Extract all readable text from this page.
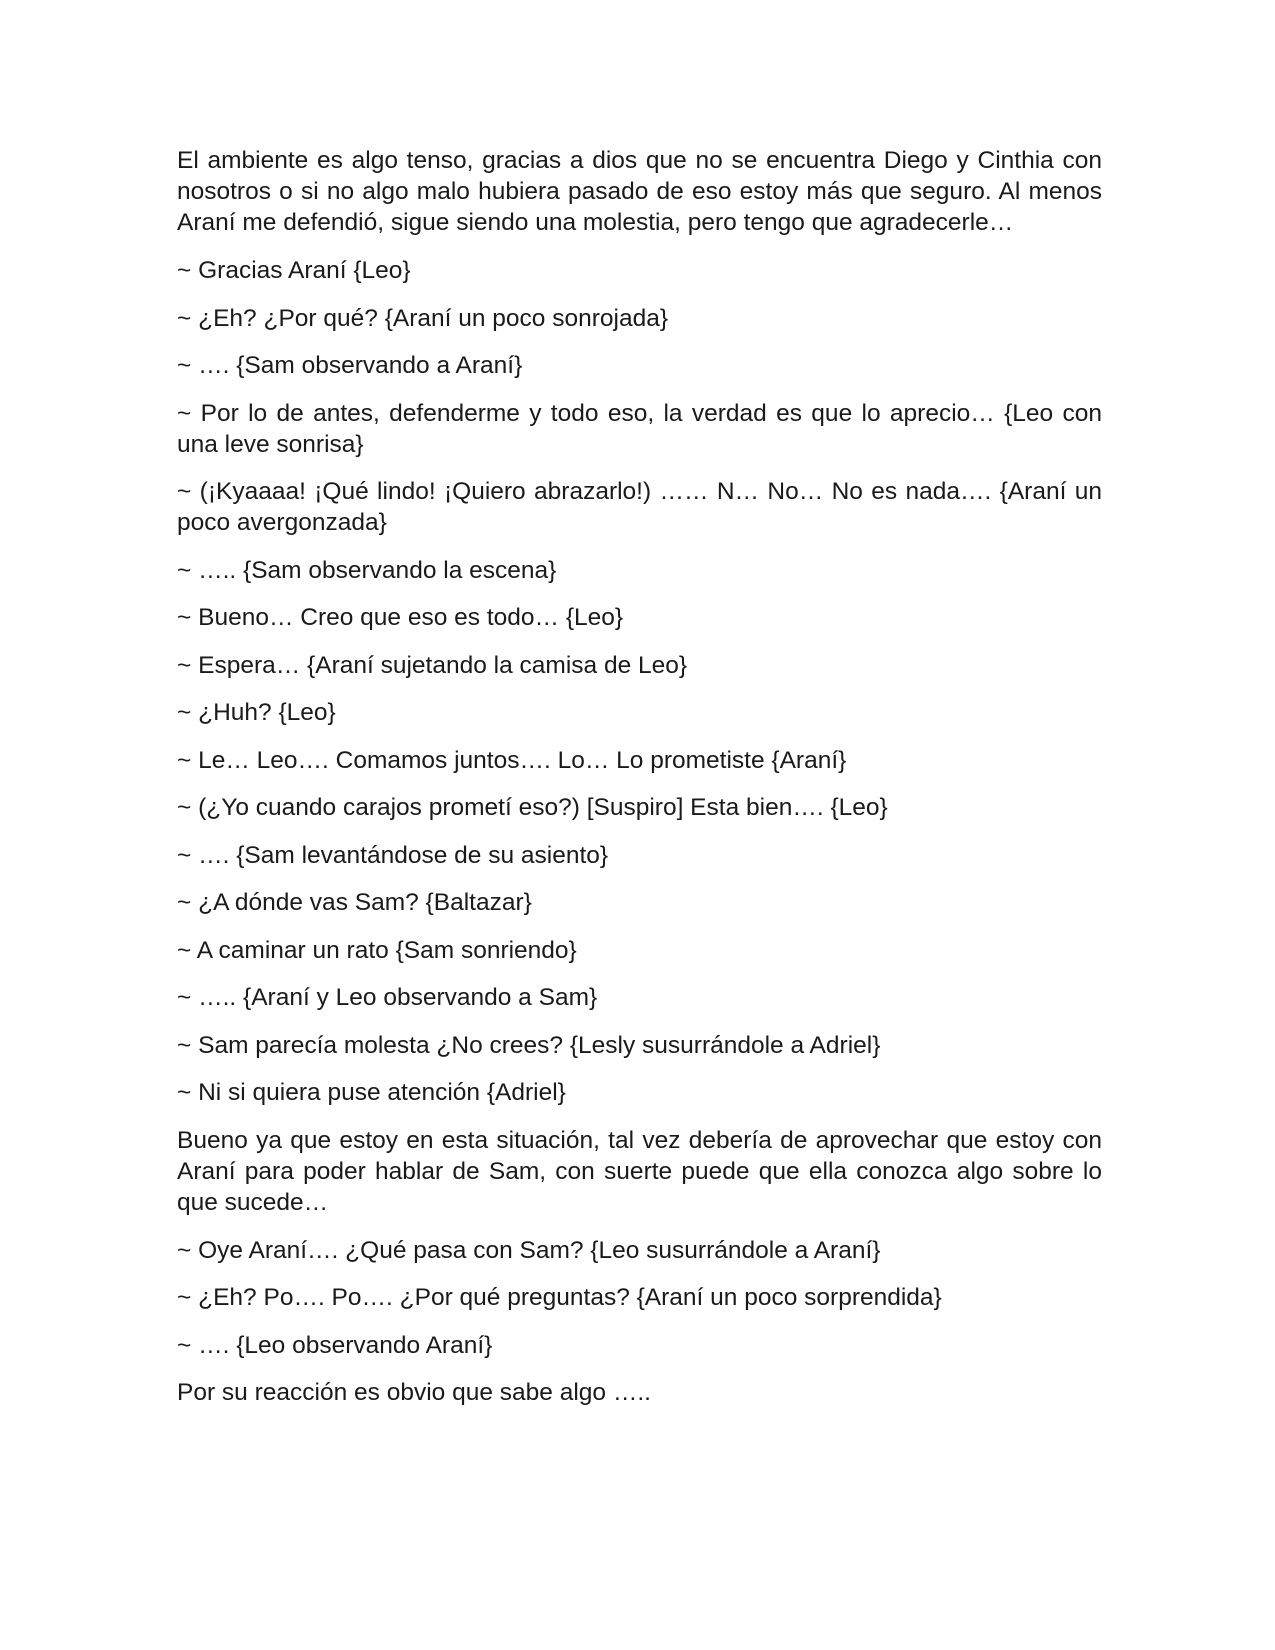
El ambiente es algo tenso, gracias a dios que no se encuentra Diego y Cinthia con nosotros o si no algo malo hubiera pasado de eso estoy más que seguro. Al menos Araní me defendió, sigue siendo una molestia, pero tengo que agradecerle…

~ Gracias Araní {Leo}
~ ¿Eh? ¿Por qué? {Araní un poco sonrojada}
~ …. {Sam observando a Araní}
~ Por lo de antes, defenderme y todo eso, la verdad es que lo aprecio… {Leo con una leve sonrisa}
~ (¡Kyaaaa! ¡Qué lindo! ¡Quiero abrazarlo!) …… N… No… No es nada…. {Araní un poco avergonzada}
~ ….. {Sam observando la escena}
~ Bueno… Creo que eso es todo… {Leo}
~ Espera… {Araní sujetando la camisa de Leo}
~ ¿Huh? {Leo}
~ Le… Leo…. Comamos juntos…. Lo… Lo prometiste {Araní}
~ (¿Yo cuando carajos prometí eso?) [Suspiro] Esta bien…. {Leo}
~ …. {Sam levantándose de su asiento}
~ ¿A dónde vas Sam? {Baltazar}
~ A caminar un rato {Sam sonriendo}
~ ….. {Araní y Leo observando a Sam}
~ Sam parecía molesta ¿No crees? {Lesly susurrándole a Adriel}
~ Ni si quiera puse atención {Adriel}

Bueno ya que estoy en esta situación, tal vez debería de aprovechar que estoy con Araní para poder hablar de Sam, con suerte puede que ella conozca algo sobre lo que sucede…

~ Oye Araní…. ¿Qué pasa con Sam? {Leo susurrándole a Araní}
~ ¿Eh? Po…. Po…. ¿Por qué preguntas? {Araní un poco sorprendida}
~ …. {Leo observando Araní}

Por su reacción es obvio que sabe algo …..
